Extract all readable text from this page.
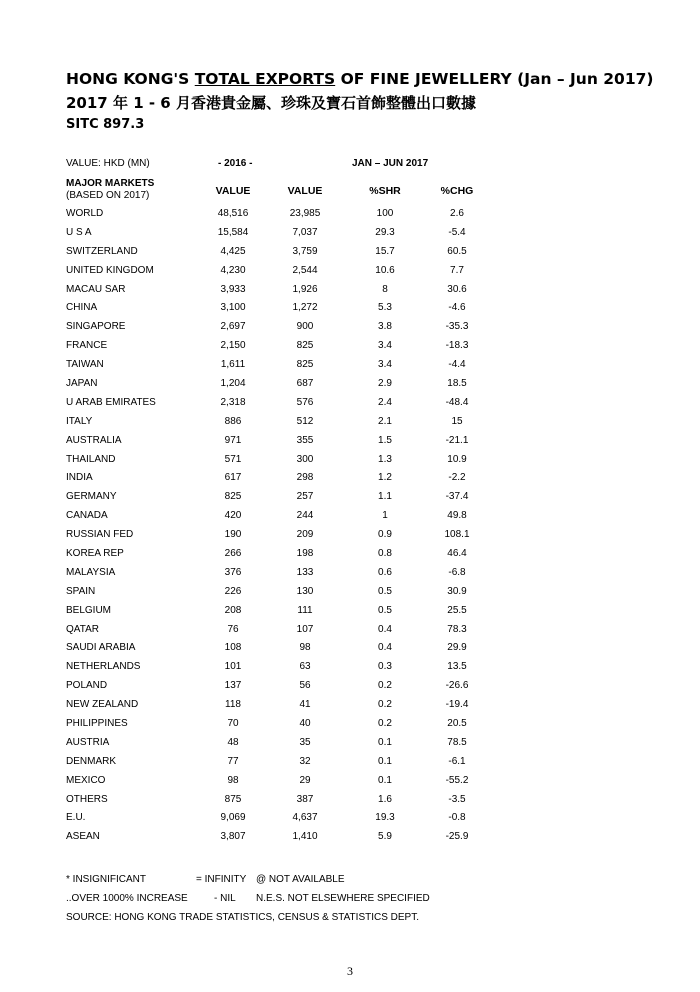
HONG KONG'S TOTAL EXPORTS OF FINE JEWELLERY (Jan – Jun 2017)
2017 年 1 - 6 月香港貴金屬、珍珠及寶石首飾整體出口數據
SITC 897.3
VALUE: HKD (MN)	- 2016 -	JAN – JUN 2017
MAJOR MARKETS
(BASED ON 2017)	VALUE	VALUE	%SHR	%CHG
WORLD	48,516		23,985		100		2.6
U S A	15,584		7,037		29.3		-5.4
SWITZERLAND	4,425		3,759		15.7		60.5
UNITED KINGDOM	4,230		2,544		10.6		7.7
MACAU SAR	3,933		1,926		8		30.6
CHINA	3,100		1,272		5.3		-4.6
SINGAPORE	2,697		900		3.8		-35.3
FRANCE	2,150		825		3.4		-18.3
TAIWAN	1,611		825		3.4		-4.4
JAPAN	1,204		687		2.9		18.5
U ARAB EMIRATES	2,318		576		2.4		-48.4
ITALY	886		512		2.1		15
AUSTRALIA	971		355		1.5		-21.1
THAILAND	571		300		1.3		10.9
INDIA	617		298		1.2		-2.2
GERMANY	825		257		1.1		-37.4
CANADA	420		244		1		49.8
RUSSIAN FED	190		209		0.9		108.1
KOREA REP	266		198		0.8		46.4
MALAYSIA	376		133		0.6		-6.8
SPAIN	226		130		0.5		30.9
BELGIUM	208		111		0.5		25.5
QATAR	76		107		0.4		78.3
SAUDI ARABIA	108		98		0.4		29.9
NETHERLANDS	101		63		0.3		13.5
POLAND	137		56		0.2		-26.6
NEW ZEALAND	118		41		0.2		-19.4
PHILIPPINES	70		40		0.2		20.5
AUSTRIA	48		35		0.1		78.5
DENMARK	77		32		0.1		-6.1
MEXICO	98		29		0.1		-55.2
OTHERS	875		387		1.6		-3.5
E.U.	9,069		4,637		19.3		-0.8
ASEAN	3,807		1,410		5.9		-25.9
* INSIGNIFICANT	= INFINITY @ NOT AVAILABLE
..OVER 1000% INCREASE	- NIL N.E.S. NOT ELSEWHERE SPECIFIED
SOURCE: HONG KONG TRADE STATISTICS, CENSUS & STATISTICS DEPT.
3
